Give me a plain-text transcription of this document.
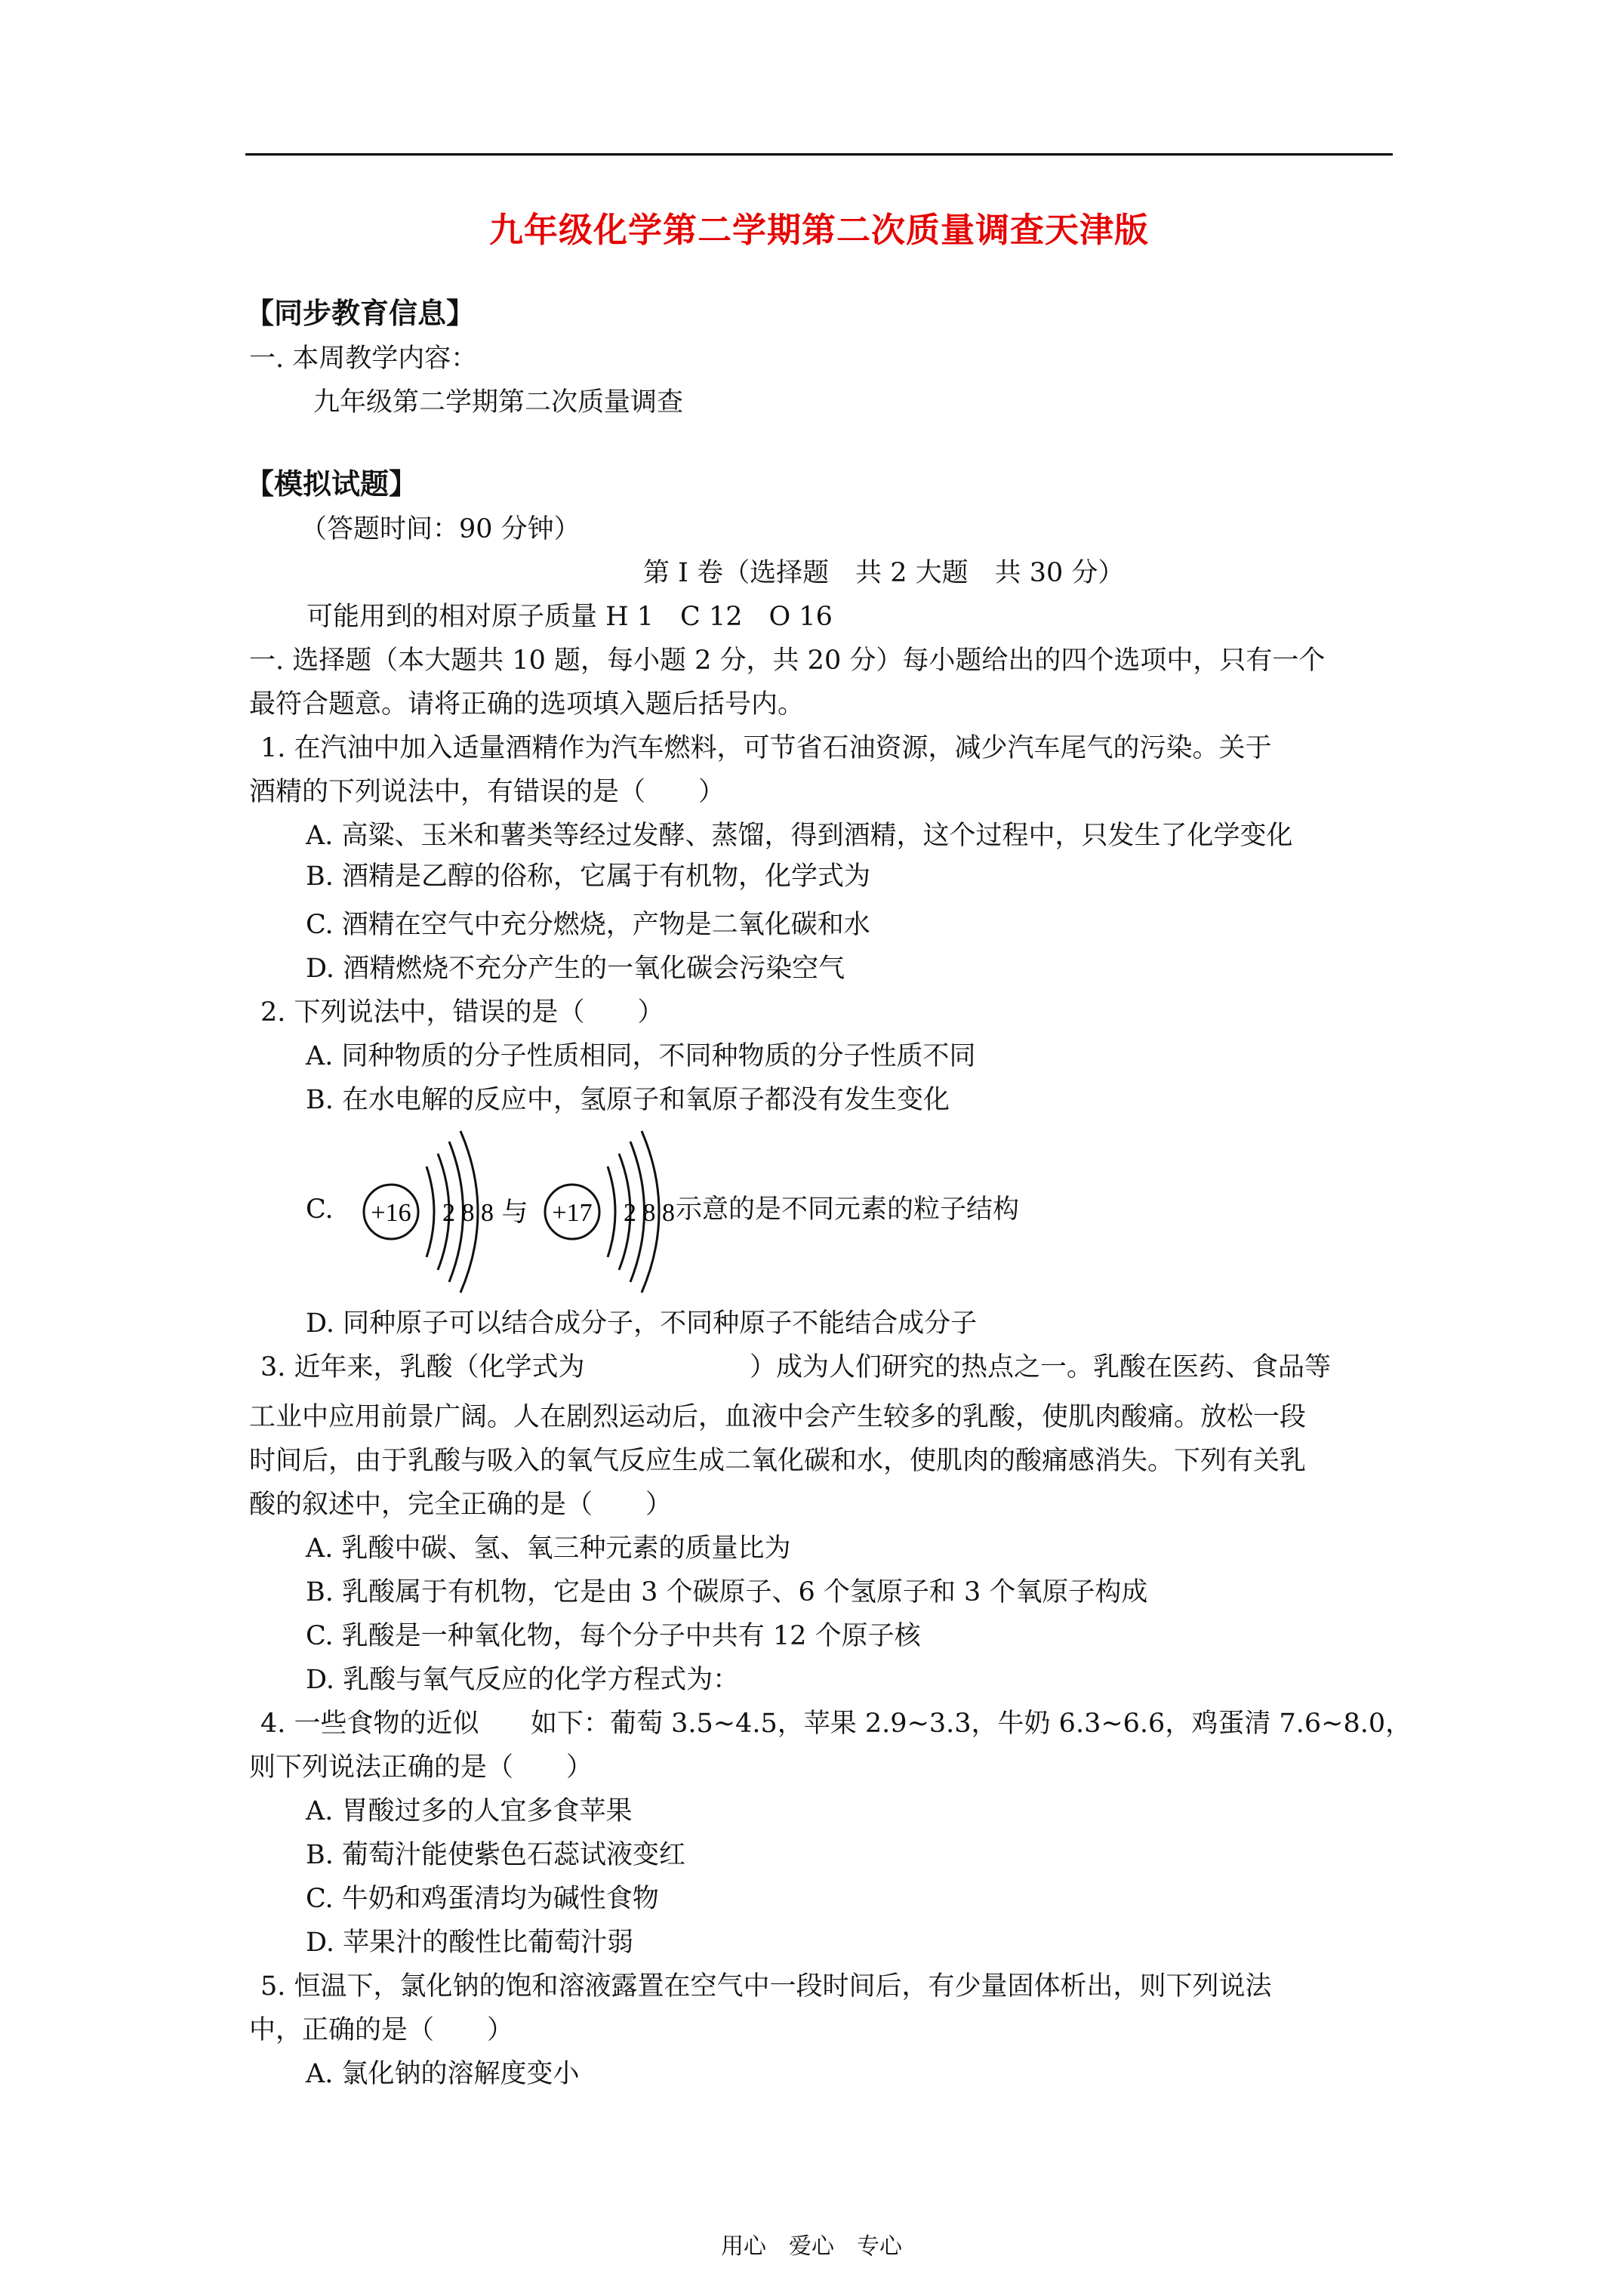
九年级化学第二学期第二次质量调查天津版
【同步教育信息】
一. 本周教学内容：
九年级第二学期第二次质量调查
【模拟试题】
（答题时间：90 分钟）
第 I 卷（选择题　共 2 大题　共 30 分）
可能用到的相对原子质量 H 1　C 12　O 16
一. 选择题（本大题共 10 题，每小题 2 分，共 20 分）每小题给出的四个选项中，只有一个
最符合题意。请将正确的选项填入题后括号内。
1. 在汽油中加入适量酒精作为汽车燃料，可节省石油资源，减少汽车尾气的污染。关于
酒精的下列说法中，有错误的是（　　）
A. 高粱、玉米和薯类等经过发酵、蒸馏，得到酒精，这个过程中，只发生了化学变化
B. 酒精是乙醇的俗称，它属于有机物，化学式为
C. 酒精在空气中充分燃烧，产物是二氧化碳和水
D. 酒精燃烧不充分产生的一氧化碳会污染空气
2. 下列说法中，错误的是（　　）
A. 同种物质的分子性质相同，不同种物质的分子性质不同
B. 在水电解的反应中，氢原子和氧原子都没有发生变化
C. +16 2 8 8 与 +17 2 8 8 示意的是不同元素的粒子结构
D. 同种原子可以结合成分子，不同种原子不能结合成分子
3. 近年来，乳酸（化学式为	）成为人们研究的热点之一。乳酸在医药、食品等
工业中应用前景广阔。人在剧烈运动后，血液中会产生较多的乳酸，使肌肉酸痛。放松一段
时间后，由于乳酸与吸入的氧气反应生成二氧化碳和水，使肌肉的酸痛感消失。下列有关乳
酸的叙述中，完全正确的是（　　）
A. 乳酸中碳、氢、氧三种元素的质量比为
B. 乳酸属于有机物，它是由 3 个碳原子、6 个氢原子和 3 个氧原子构成
C. 乳酸是一种氧化物，每个分子中共有 12 个原子核
D. 乳酸与氧气反应的化学方程式为：
4. 一些食物的近似 如下：葡萄 3.5~4.5，苹果 2.9~3.3，牛奶 6.3~6.6，鸡蛋清 7.6~8.0，
则下列说法正确的是（　　）
A. 胃酸过多的人宜多食苹果
B. 葡萄汁能使紫色石蕊试液变红
C. 牛奶和鸡蛋清均为碱性食物
D. 苹果汁的酸性比葡萄汁弱
5. 恒温下，氯化钠的饱和溶液露置在空气中一段时间后，有少量固体析出，则下列说法
中，正确的是（　　）
A. 氯化钠的溶解度变小
用心　爱心　专心
